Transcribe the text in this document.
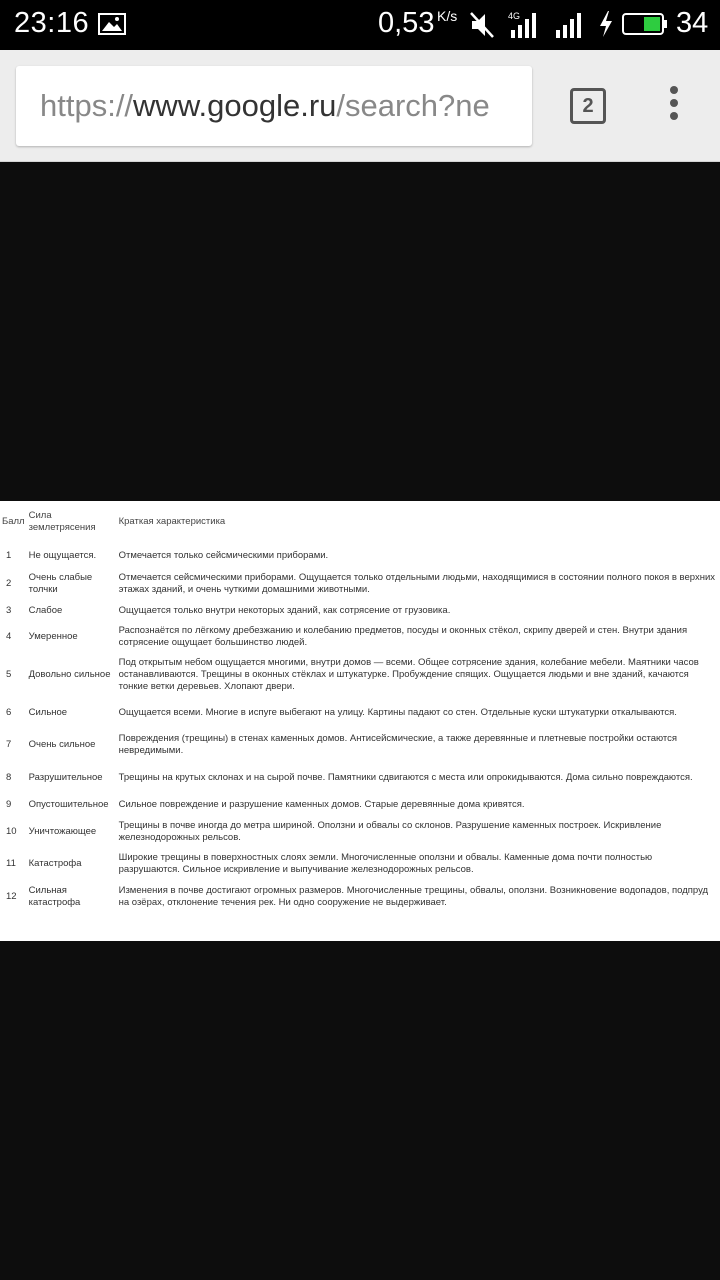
23:16	0,53 K/s	4G	34
https://www.google.ru/search?ne	2
Балл	Сила землетрясения	Краткая характеристика
1	Не ощущается.	Отмечается только сейсмическими приборами.
2	Очень слабые толчки	Отмечается сейсмическими приборами. Ощущается только отдельными людьми, находящимися в состоянии полного покоя в верхних этажах зданий, и очень чуткими домашними животными.
3	Слабое	Ощущается только внутри некоторых зданий, как сотрясение от грузовика.
4	Умеренное	Распознаётся по лёгкому дребезжанию и колебанию предметов, посуды и оконных стёкол, скрипу дверей и стен. Внутри здания сотрясение ощущает большинство людей.
5	Довольно сильное	Под открытым небом ощущается многими, внутри домов — всеми. Общее сотрясение здания, колебание мебели. Маятники часов останавливаются. Трещины в оконных стёклах и штукатурке. Пробуждение спящих. Ощущается людьми и вне зданий, качаются тонкие ветки деревьев. Хлопают двери.
6	Сильное	Ощущается всеми. Многие в испуге выбегают на улицу. Картины падают со стен. Отдельные куски штукатурки откалываются.
7	Очень сильное	Повреждения (трещины) в стенах каменных домов. Антисейсмические, а также деревянные и плетневые постройки остаются невредимыми.
8	Разрушительное	Трещины на крутых склонах и на сырой почве. Памятники сдвигаются с места или опрокидываются. Дома сильно повреждаются.
9	Опустошительное	Сильное повреждение и разрушение каменных домов. Старые деревянные дома кривятся.
10	Уничтожающее	Трещины в почве иногда до метра шириной. Оползни и обвалы со склонов. Разрушение каменных построек. Искривление железнодорожных рельсов.
11	Катастрофа	Широкие трещины в поверхностных слоях земли. Многочисленные оползни и обвалы. Каменные дома почти полностью разрушаются. Сильное искривление и выпучивание железнодорожных рельсов.
12	Сильная катастрофа	Изменения в почве достигают огромных размеров. Многочисленные трещины, обвалы, оползни. Возникновение водопадов, подпруд на озёрах, отклонение течения рек. Ни одно сооружение не выдерживает.
